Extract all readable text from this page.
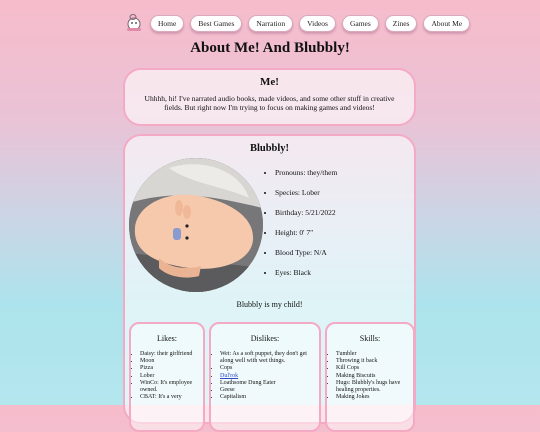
Home	Best Games	Narration	Videos	Games	Zines	About Me
About Me! And Blubbly!
Me!

Uhhhh, hi! I've narrated audio books, made videos, and some other stuff in creative fields. But right now I'm trying to focus on making games and videos!

Blubbly!
• Pronouns: they/them
• Species: Lober
• Birthday: 5/21/2022
• Height: 0' 7"
• Blood Type: N/A
• Eyes: Black
Blubbly is my child!
Likes:
• Daisy: their girlfriend
• Moon
• Pizza
• Lober
• WinCo: It's employee owned.
• CBAT: It's a very
Dislikes:
• Wet: As a soft puppet, they don't get along well with wet things.
• Cops
• Dul'rok
• Loathsome Dung Eater
• Geese
• Capitalism
Skills:
• Tumbler
• Throwing it back
• Kill Cops
• Making Biscuits
• Hugs: Blubbly's hugs have healing properties.
• Making Jokes
